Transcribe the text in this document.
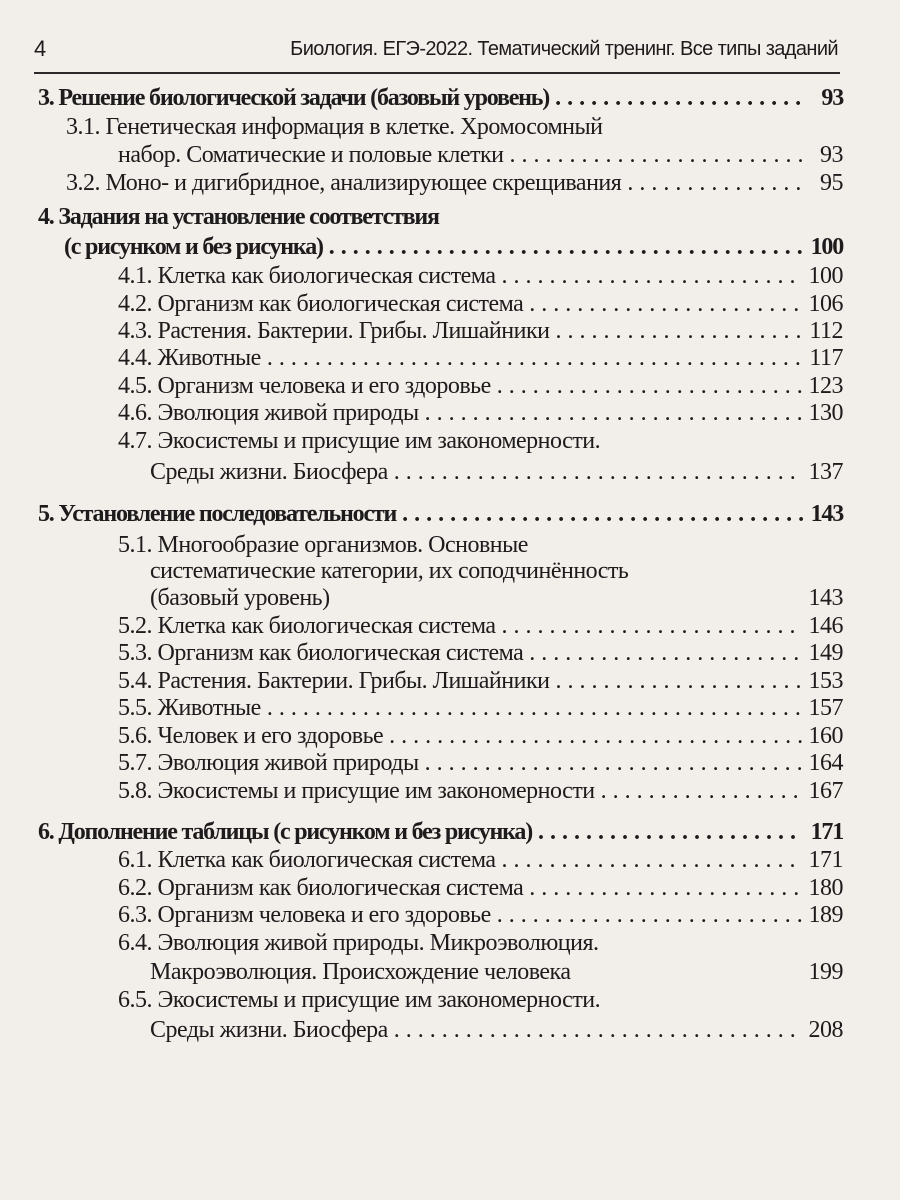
4	Биология. ЕГЭ-2022. Тематический тренинг. Все типы заданий
3. Решение биологической задачи (базовый уровень) . . .	93
3.1. Генетическая информация в клетке. Хромосомный
набор. Соматические и половые клетки . . .	93
3.2. Моно- и дигибридное, анализирующее скрещивания . . .	95
4. Задания на установление соответствия
(с рисунком и без рисунка) . . .	100
4.1. Клетка как биологическая система . . .	100
4.2. Организм как биологическая система . . .	106
4.3. Растения. Бактерии. Грибы. Лишайники . . .	112
4.4. Животные . . .	117
4.5. Организм человека и его здоровье . . .	123
4.6. Эволюция живой природы . . .	130
4.7. Экосистемы и присущие им закономерности.
Среды жизни. Биосфера . . .	137
5. Установление последовательности . . .	143
5.1. Многообразие организмов. Основные
систематические категории, их соподчинённость
(базовый уровень)	143
5.2. Клетка как биологическая система . . .	146
5.3. Организм как биологическая система . . .	149
5.4. Растения. Бактерии. Грибы. Лишайники . . .	153
5.5. Животные . . .	157
5.6. Человек и его здоровье . . .	160
5.7. Эволюция живой природы . . .	164
5.8. Экосистемы и присущие им закономерности . . .	167
6. Дополнение таблицы (с рисунком и без рисунка) . . .	171
6.1. Клетка как биологическая система . . .	171
6.2. Организм как биологическая система . . .	180
6.3. Организм человека и его здоровье . . .	189
6.4. Эволюция живой природы. Микроэволюция.
Макроэволюция. Происхождение человека	199
6.5. Экосистемы и присущие им закономерности.
Среды жизни. Биосфера . . .	208
